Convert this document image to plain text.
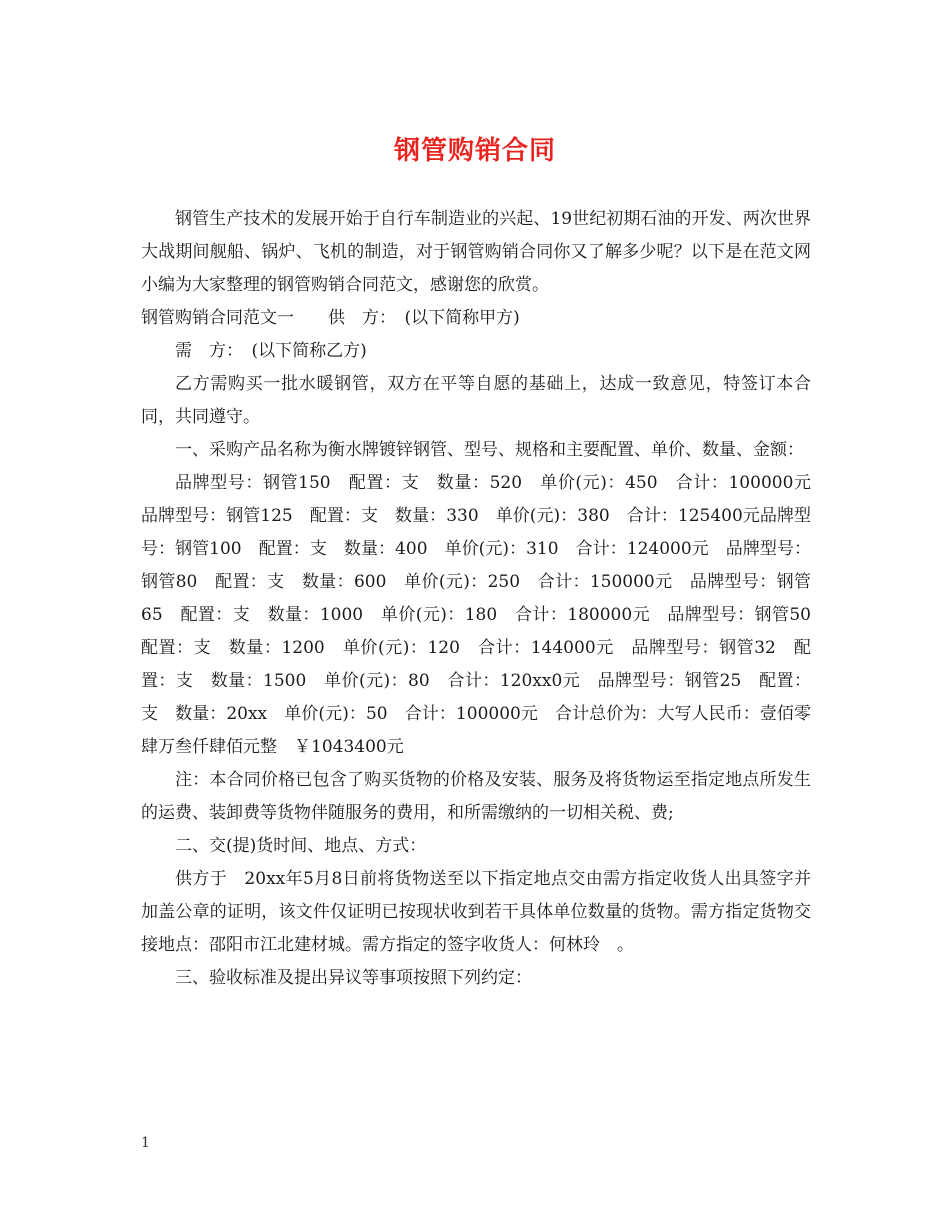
钢管购销合同

钢管生产技术的发展开始于自行车制造业的兴起、19世纪初期石油的开发、两次世界大战期间舰船、锅炉、飞机的制造，对于钢管购销合同你又了解多少呢？以下是在范文网小编为大家整理的钢管购销合同范文，感谢您的欣赏。

钢管购销合同范文一　　供　方：　(以下简称甲方)

需　方：　(以下简称乙方)

乙方需购买一批水暖钢管，双方在平等自愿的基础上，达成一致意见，特签订本合同，共同遵守。

一、采购产品名称为衡水牌镀锌钢管、型号、规格和主要配置、单价、数量、金额：

品牌型号：钢管150　配置：支　数量：520　单价(元)：450　合计：100000元　品牌型号：钢管125　配置：支　数量：330　单价(元)：380　合计：125400元品牌型号：钢管100　配置：支　数量：400　单价(元)：310　合计：124000元　品牌型号：钢管80　配置：支　数量：600　单价(元)：250　合计：150000元　品牌型号：钢管65　配置：支　数量：1000　单价(元)：180　合计：180000元　品牌型号：钢管50　配置：支　数量：1200　单价(元)：120　合计：144000元　品牌型号：钢管32　配置：支　数量：1500　单价(元)：80　合计：120xx0元　品牌型号：钢管25　配置：支　数量：20xx　单价(元)：50　合计：100000元　合计总价为：大写人民币：壹佰零肆万叁仟肆佰元整　￥1043400元

注：本合同价格已包含了购买货物的价格及安装、服务及将货物运至指定地点所发生的运费、装卸费等货物伴随服务的费用，和所需缴纳的一切相关税、费;

二、交(提)货时间、地点、方式：

供方于　20xx年5月8日前将货物送至以下指定地点交由需方指定收货人出具签字并加盖公章的证明，该文件仅证明已按现状收到若干具体单位数量的货物。需方指定货物交接地点：邵阳市江北建材城。需方指定的签字收货人：何林玲　。

三、验收标准及提出异议等事项按照下列约定：

1
